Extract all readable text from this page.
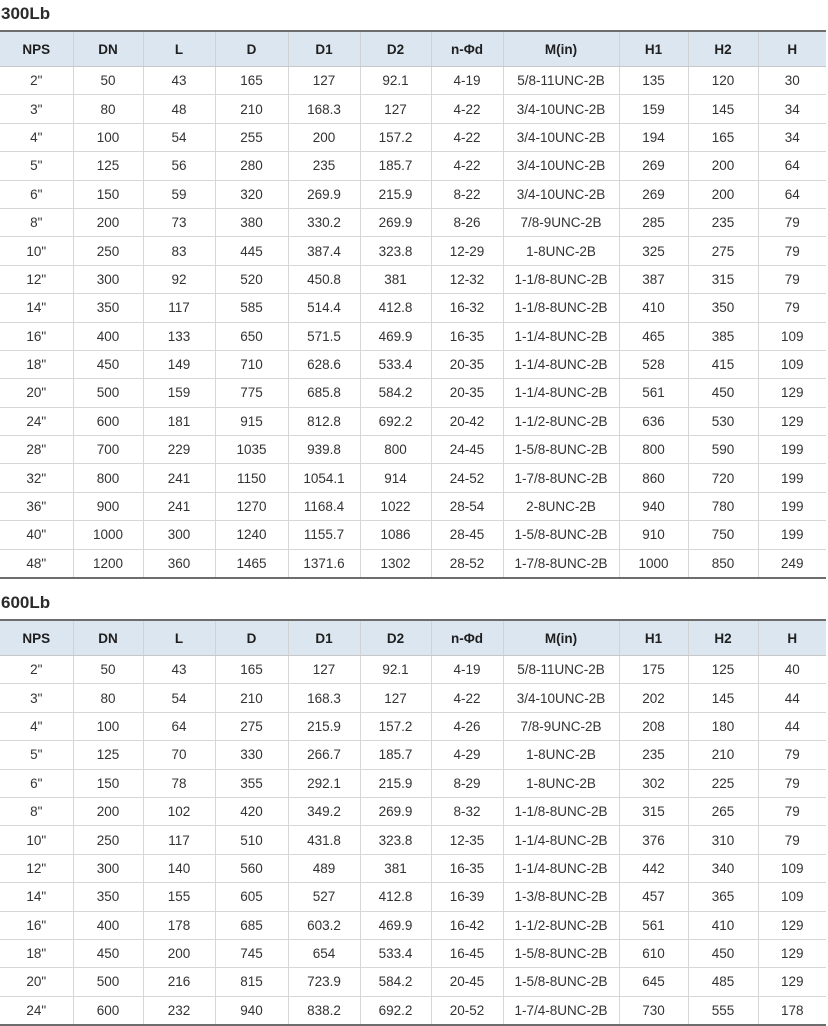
300Lb
NPS	DN	L	D	D1	D2	n-Φd	M(in)	H1	H2	H
2"	50	43	165	127	92.1	4-19	5/8-11UNC-2B	135	120	30
3"	80	48	210	168.3	127	4-22	3/4-10UNC-2B	159	145	34
4"	100	54	255	200	157.2	4-22	3/4-10UNC-2B	194	165	34
5"	125	56	280	235	185.7	4-22	3/4-10UNC-2B	269	200	64
6"	150	59	320	269.9	215.9	8-22	3/4-10UNC-2B	269	200	64
8"	200	73	380	330.2	269.9	8-26	7/8-9UNC-2B	285	235	79
10"	250	83	445	387.4	323.8	12-29	1-8UNC-2B	325	275	79
12"	300	92	520	450.8	381	12-32	1-1/8-8UNC-2B	387	315	79
14"	350	117	585	514.4	412.8	16-32	1-1/8-8UNC-2B	410	350	79
16"	400	133	650	571.5	469.9	16-35	1-1/4-8UNC-2B	465	385	109
18"	450	149	710	628.6	533.4	20-35	1-1/4-8UNC-2B	528	415	109
20"	500	159	775	685.8	584.2	20-35	1-1/4-8UNC-2B	561	450	129
24"	600	181	915	812.8	692.2	20-42	1-1/2-8UNC-2B	636	530	129
28"	700	229	1035	939.8	800	24-45	1-5/8-8UNC-2B	800	590	199
32"	800	241	1150	1054.1	914	24-52	1-7/8-8UNC-2B	860	720	199
36"	900	241	1270	1168.4	1022	28-54	2-8UNC-2B	940	780	199
40"	1000	300	1240	1155.7	1086	28-45	1-5/8-8UNC-2B	910	750	199
48"	1200	360	1465	1371.6	1302	28-52	1-7/8-8UNC-2B	1000	850	249
600Lb
NPS	DN	L	D	D1	D2	n-Φd	M(in)	H1	H2	H
2"	50	43	165	127	92.1	4-19	5/8-11UNC-2B	175	125	40
3"	80	54	210	168.3	127	4-22	3/4-10UNC-2B	202	145	44
4"	100	64	275	215.9	157.2	4-26	7/8-9UNC-2B	208	180	44
5"	125	70	330	266.7	185.7	4-29	1-8UNC-2B	235	210	79
6"	150	78	355	292.1	215.9	8-29	1-8UNC-2B	302	225	79
8"	200	102	420	349.2	269.9	8-32	1-1/8-8UNC-2B	315	265	79
10"	250	117	510	431.8	323.8	12-35	1-1/4-8UNC-2B	376	310	79
12"	300	140	560	489	381	16-35	1-1/4-8UNC-2B	442	340	109
14"	350	155	605	527	412.8	16-39	1-3/8-8UNC-2B	457	365	109
16"	400	178	685	603.2	469.9	16-42	1-1/2-8UNC-2B	561	410	129
18"	450	200	745	654	533.4	16-45	1-5/8-8UNC-2B	610	450	129
20"	500	216	815	723.9	584.2	20-45	1-5/8-8UNC-2B	645	485	129
24"	600	232	940	838.2	692.2	20-52	1-7/4-8UNC-2B	730	555	178
